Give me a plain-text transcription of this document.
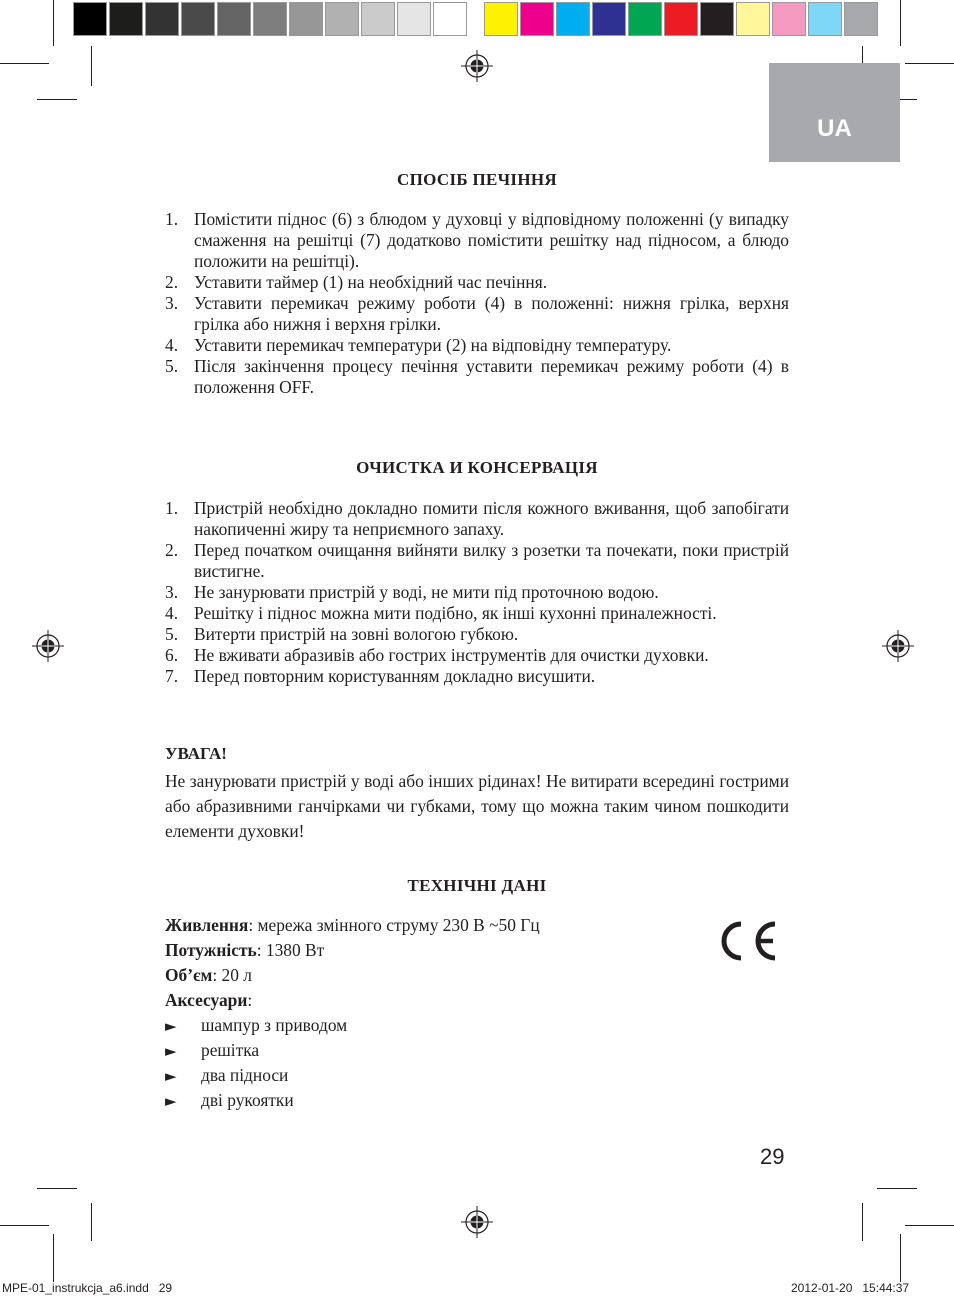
UA
СПОСІБ ПЕЧІННЯ
1. Помістити піднос (6) з блюдом у духовці у відповідному положенні (у випадку смаження на решітці (7) додатково помістити решітку над підносом, а блюдо положити на решітці).
2. Уставити таймер (1) на необхідний час печіння.
3. Уставити перемикач режиму роботи (4) в положенні: нижня грілка, верхня грілка або нижня і верхня грілки.
4. Уставити перемикач температури (2) на відповідну температуру.
5. Після закінчення процесу печіння уставити перемикач режиму роботи (4) в положення OFF.
ОЧИСТКА И КОНСЕРВАЦІЯ
1. Пристрій необхідно докладно помити після кожного вживання, щоб запобігати накопиченні жиру та неприємного запаху.
2. Перед початком очищання вийняти вилку з розетки та почекати, поки пристрій вистигне.
3. Не занурювати пристрій у воді, не мити під проточною водою.
4. Решітку і піднос можна мити подібно, як інші кухонні приналежності.
5. Витерти пристрій на зовні вологою губкою.
6. Не вживати абразивів або гострих інструментів для очистки духовки.
7. Перед повторним користуванням докладно висушити.
УВАГА!
Не занурювати пристрій у воді або інших рідинах! Не витирати всередині гострими або абразивними ганчірками чи губками, тому що можна таким чином пошкодити елементи духовки!
ТЕХНІЧНІ ДАНІ
Живлення: мережа змінного струму 230 В ~50 Гц
Потужність: 1380 Вт
Об’єм: 20 л
Аксесуари:
► шампур з приводом
► решітка
► два підноси
► дві рукоятки
29
MPE-01_instrukcja_a6.indd   29	2012-01-20   15:44:37
